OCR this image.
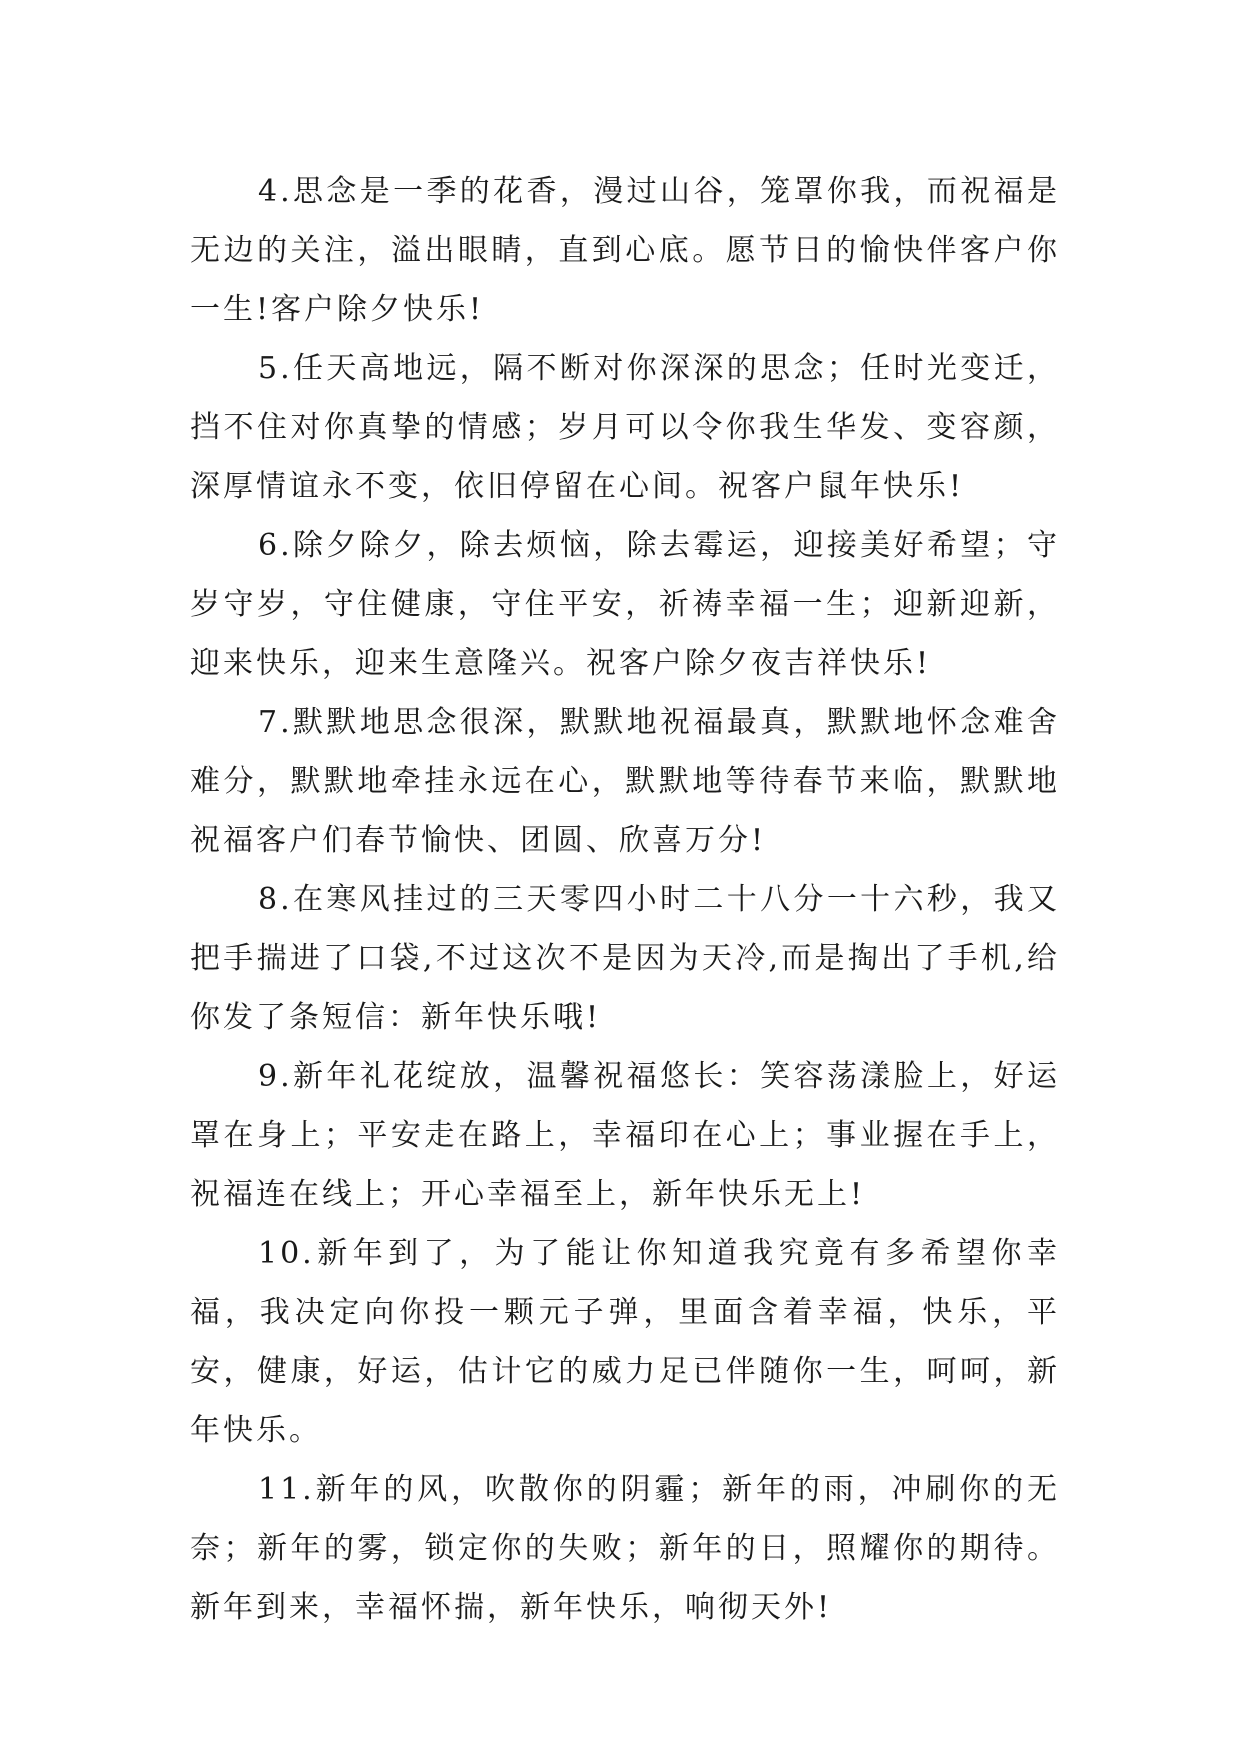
4.思念是一季的花香，漫过山谷，笼罩你我，而祝福是无边的关注，溢出眼睛，直到心底。愿节日的愉快伴客户你一生!客户除夕快乐!

5.任天高地远，隔不断对你深深的思念；任时光变迁，挡不住对你真挚的情感；岁月可以令你我生华发、变容颜，深厚情谊永不变，依旧停留在心间。祝客户鼠年快乐!

6.除夕除夕，除去烦恼，除去霉运，迎接美好希望；守岁守岁，守住健康，守住平安，祈祷幸福一生；迎新迎新，迎来快乐，迎来生意隆兴。祝客户除夕夜吉祥快乐!

7.默默地思念很深，默默地祝福最真，默默地怀念难舍难分，默默地牵挂永远在心，默默地等待春节来临，默默地祝福客户们春节愉快、团圆、欣喜万分!

8.在寒风挂过的三天零四小时二十八分一十六秒，我又把手揣进了口袋,不过这次不是因为天冷,而是掏出了手机,给你发了条短信：新年快乐哦!

9.新年礼花绽放，温馨祝福悠长：笑容荡漾脸上，好运罩在身上；平安走在路上，幸福印在心上；事业握在手上，祝福连在线上；开心幸福至上，新年快乐无上!

10.新年到了，为了能让你知道我究竟有多希望你幸福，我决定向你投一颗元子弹，里面含着幸福，快乐，平安，健康，好运，估计它的威力足已伴随你一生，呵呵，新年快乐。

11.新年的风，吹散你的阴霾；新年的雨，冲刷你的无奈；新年的雾，锁定你的失败；新年的日，照耀你的期待。新年到来，幸福怀揣，新年快乐，响彻天外!
